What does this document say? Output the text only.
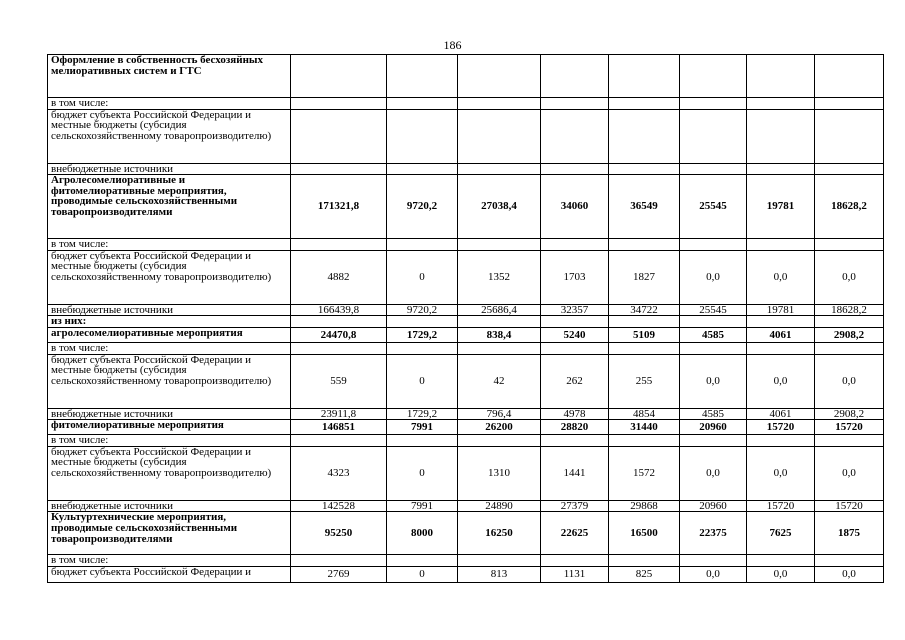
186
Оформление в собственность бесхозяйных мелиоративных систем и ГТС								
в том числе:								
бюджет субъекта Российской Федерации и местные бюджеты (субсидия сельскохозяйственному товаропроизводителю)								
внебюджетные источники								
Агролесомелиоративные и фитомелиоративные мероприятия, проводимые сельскохозяйственными товаропроизводителями	171321,8	9720,2	27038,4	34060	36549	25545	19781	18628,2
в том числе:								
бюджет субъекта Российской Федерации и местные бюджеты (субсидия сельскохозяйственному товаропроизводителю)	4882	0	1352	1703	1827	0,0	0,0	0,0
внебюджетные источники	166439,8	9720,2	25686,4	32357	34722	25545	19781	18628,2
из них:								
агролесомелиоративные мероприятия	24470,8	1729,2	838,4	5240	5109	4585	4061	2908,2
в том числе:								
бюджет субъекта Российской Федерации и местные бюджеты (субсидия сельскохозяйственному товаропроизводителю)	559	0	42	262	255	0,0	0,0	0,0
внебюджетные источники	23911,8	1729,2	796,4	4978	4854	4585	4061	2908,2
фитомелиоративные мероприятия	146851	7991	26200	28820	31440	20960	15720	15720
в том числе:								
бюджет субъекта Российской Федерации и местные бюджеты (субсидия сельскохозяйственному товаропроизводителю)	4323	0	1310	1441	1572	0,0	0,0	0,0
внебюджетные источники	142528	7991	24890	27379	29868	20960	15720	15720
Культуртехнические мероприятия, проводимые сельскохозяйственными товаропроизводителями	95250	8000	16250	22625	16500	22375	7625	1875
в том числе:								
бюджет субъекта Российской Федерации и	2769	0	813	1131	825	0,0	0,0	0,0
